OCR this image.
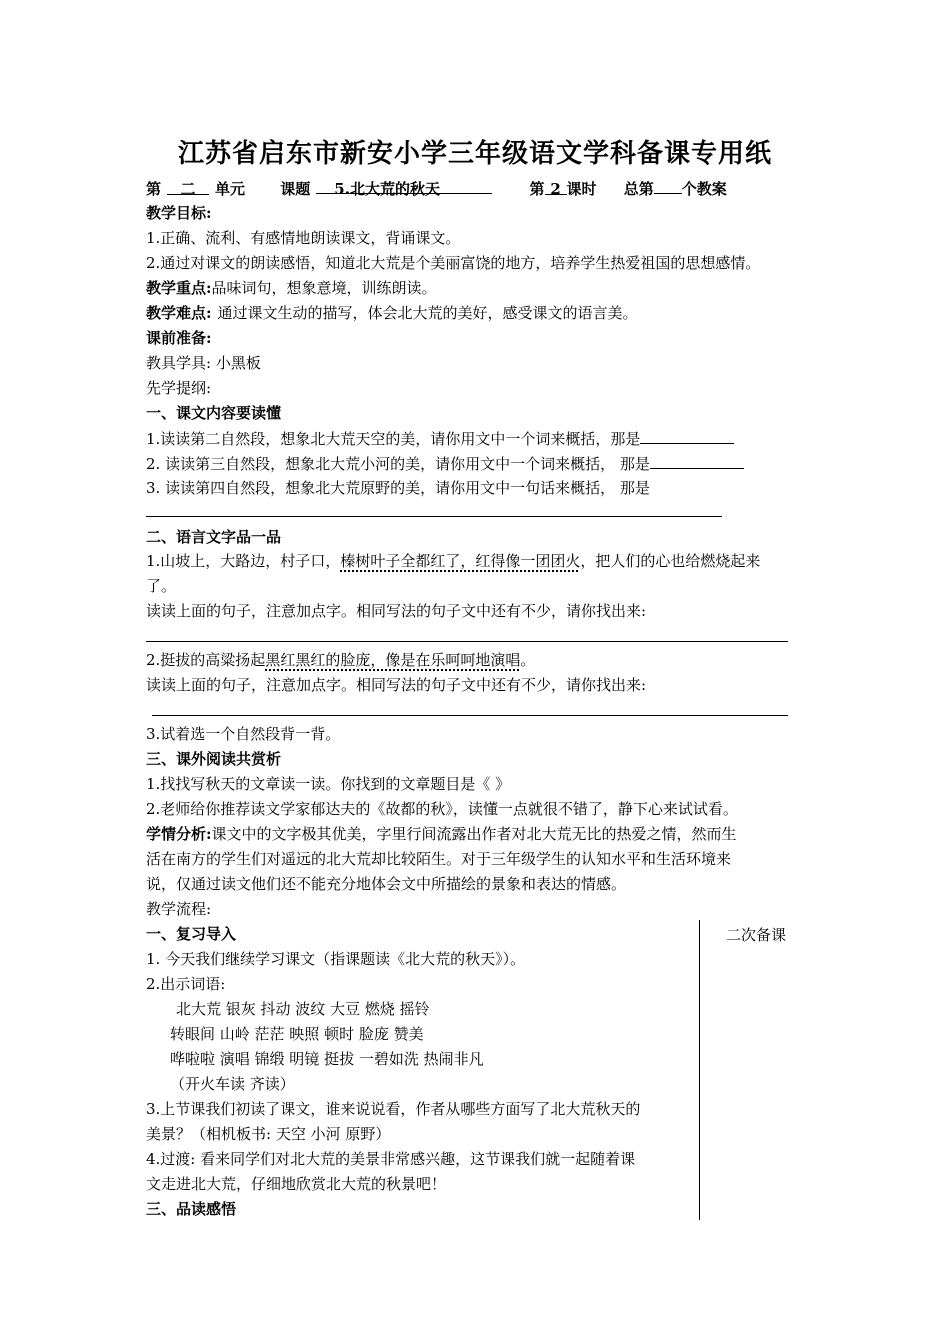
江苏省启东市新安小学三年级语文学科备课专用纸
第 二 单元 课题 5.北大荒的秋天	第 2 课时 总第 个教案
教学目标:
1.正确、流利、有感情地朗读课文，背诵课文。
2.通过对课文的朗读感悟，知道北大荒是个美丽富饶的地方，培养学生热爱祖国的思想感情。
教学重点:品味词句，想象意境，训练朗读。
教学难点: 通过课文生动的描写，体会北大荒的美好，感受课文的语言美。
课前准备:
教具学具: 小黑板
先学提纲:
一、课文内容要读懂
1.读读第二自然段，想象北大荒天空的美，请你用文中一个词来概括，那是
2. 读读第三自然段，想象北大荒小河的美，请你用文中一个词来概括， 那是
3. 读读第四自然段，想象北大荒原野的美，请你用文中一句话来概括， 那是
二、语言文字品一品
1.山坡上，大路边，村子口，榛树叶子全都红了，红得像一团团火，把人们的心也给燃烧起来
了。
读读上面的句子，注意加点字。相同写法的句子文中还有不少，请你找出来:
2.挺拔的高粱扬起黑红黑红的脸庞，像是在乐呵呵地演唱。
读读上面的句子，注意加点字。相同写法的句子文中还有不少，请你找出来:
3.试着选一个自然段背一背。
三、课外阅读共赏析
1.找找写秋天的文章读一读。你找到的文章题目是《 》
2.老师给你推荐读文学家郁达夫的《故都的秋》，读懂一点就很不错了，静下心来试试看。
学情分析:课文中的文字极其优美，字里行间流露出作者对北大荒无比的热爱之情，然而生
活在南方的学生们对遥远的北大荒却比较陌生。对于三年级学生的认知水平和生活环境来
说，仅通过读文他们还不能充分地体会文中所描绘的景象和表达的情感。
教学流程:
二次备课
一、复习导入
1. 今天我们继续学习课文（指课题读《北大荒的秋天》）。
2.出示词语:
北大荒 银灰 抖动 波纹 大豆 燃烧 摇铃
转眼间 山岭 茫茫 映照 顿时 脸庞 赞美
哗啦啦 演唱 锦缎 明镜 挺拔 一碧如洗 热闹非凡
（开火车读 齐读）
3.上节课我们初读了课文，谁来说说看，作者从哪些方面写了北大荒秋天的
美景？（相机板书: 天空 小河 原野）
4.过渡: 看来同学们对北大荒的美景非常感兴趣，这节课我们就一起随着课
文走进北大荒，仔细地欣赏北大荒的秋景吧！
三、品读感悟
